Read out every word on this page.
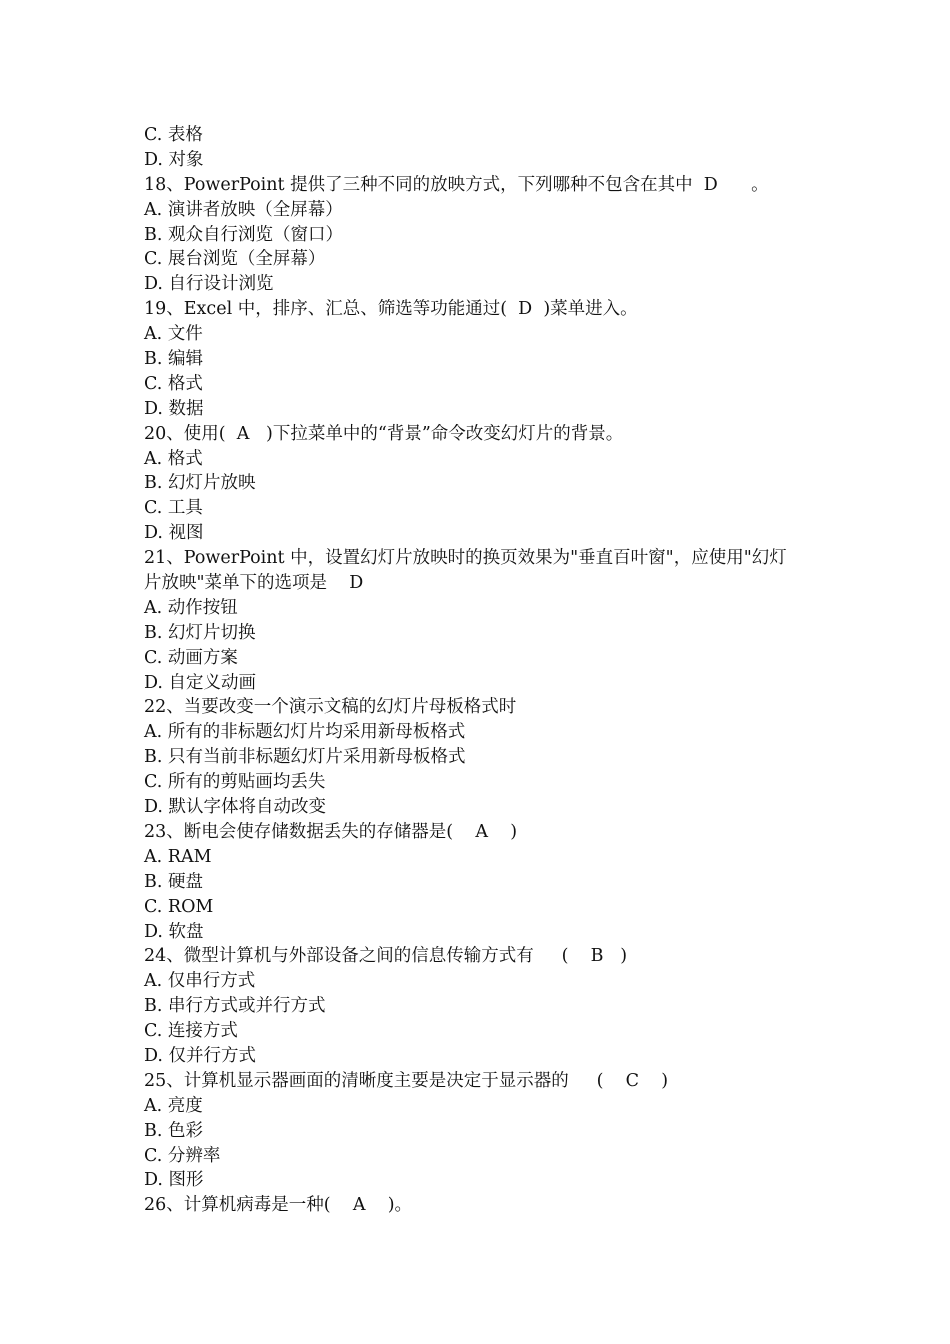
C. 表格
D. 对象
18、PowerPoint 提供了三种不同的放映方式，下列哪种不包含在其中  D      。
A. 演讲者放映（全屏幕）
B. 观众自行浏览（窗口）
C. 展台浏览（全屏幕）
D. 自行设计浏览
19、Excel 中，排序、汇总、筛选等功能通过(  D  )菜单进入。
A. 文件
B. 编辑
C. 格式
D. 数据
20、使用(  A   )下拉菜单中的“背景”命令改变幻灯片的背景。
A. 格式
B. 幻灯片放映
C. 工具
D. 视图
21、PowerPoint 中，设置幻灯片放映时的换页效果为"垂直百叶窗"，应使用"幻灯
片放映"菜单下的选项是    D
A. 动作按钮
B. 幻灯片切换
C. 动画方案
D. 自定义动画
22、当要改变一个演示文稿的幻灯片母板格式时
A. 所有的非标题幻灯片均采用新母板格式
B. 只有当前非标题幻灯片采用新母板格式
C. 所有的剪贴画均丢失
D. 默认字体将自动改变
23、断电会使存储数据丢失的存储器是(    A    )
A. RAM
B. 硬盘
C. ROM
D. 软盘
24、微型计算机与外部设备之间的信息传输方式有     (    B   )
A. 仅串行方式
B. 串行方式或并行方式
C. 连接方式
D. 仅并行方式
25、计算机显示器画面的清晰度主要是决定于显示器的     (    C    )
A. 亮度
B. 色彩
C. 分辨率
D. 图形
26、计算机病毒是一种(    A    )。
